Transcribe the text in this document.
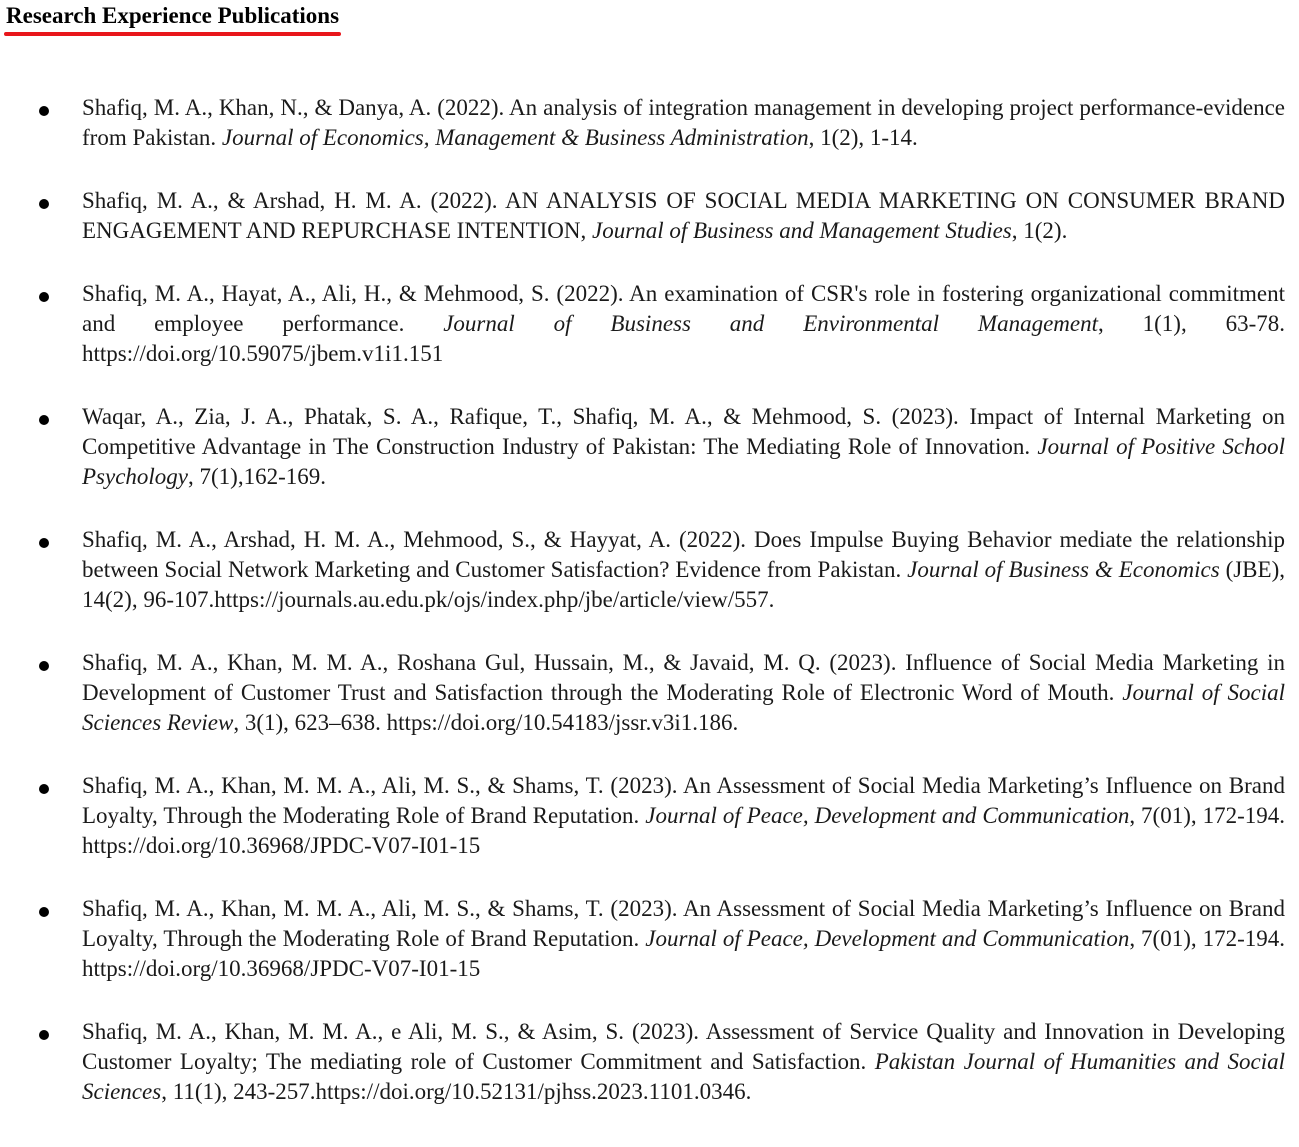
Research Experience Publications
Shafiq, M. A., Khan, N., & Danya, A. (2022). An analysis of integration management in developing project performance-evidence from Pakistan. Journal of Economics, Management & Business Administration, 1(2), 1-14.
Shafiq, M. A., & Arshad, H. M. A. (2022). AN ANALYSIS OF SOCIAL MEDIA MARKETING ON CONSUMER BRAND ENGAGEMENT AND REPURCHASE INTENTION, Journal of Business and Management Studies, 1(2).
Shafiq, M. A., Hayat, A., Ali, H., & Mehmood, S. (2022). An examination of CSR's role in fostering organizational commitment and employee performance. Journal of Business and Environmental Management, 1(1), 63-78. https://doi.org/10.59075/jbem.v1i1.151
Waqar, A., Zia, J. A., Phatak, S. A., Rafique, T., Shafiq, M. A., & Mehmood, S. (2023). Impact of Internal Marketing on Competitive Advantage in The Construction Industry of Pakistan: The Mediating Role of Innovation. Journal of Positive School Psychology, 7(1),162-169.
Shafiq, M. A., Arshad, H. M. A., Mehmood, S., & Hayyat, A. (2022). Does Impulse Buying Behavior mediate the relationship between Social Network Marketing and Customer Satisfaction? Evidence from Pakistan. Journal of Business & Economics (JBE), 14(2), 96-107.https://journals.au.edu.pk/ojs/index.php/jbe/article/view/557.
Shafiq, M. A., Khan, M. M. A., Roshana Gul, Hussain, M., & Javaid, M. Q. (2023). Influence of Social Media Marketing in Development of Customer Trust and Satisfaction through the Moderating Role of Electronic Word of Mouth. Journal of Social Sciences Review, 3(1), 623–638. https://doi.org/10.54183/jssr.v3i1.186.
Shafiq, M. A., Khan, M. M. A., Ali, M. S., & Shams, T. (2023). An Assessment of Social Media Marketing’s Influence on Brand Loyalty, Through the Moderating Role of Brand Reputation. Journal of Peace, Development and Communication, 7(01), 172-194. https://doi.org/10.36968/JPDC-V07-I01-15
Shafiq, M. A., Khan, M. M. A., Ali, M. S., & Shams, T. (2023). An Assessment of Social Media Marketing’s Influence on Brand Loyalty, Through the Moderating Role of Brand Reputation. Journal of Peace, Development and Communication, 7(01), 172-194. https://doi.org/10.36968/JPDC-V07-I01-15
Shafiq, M. A., Khan, M. M. A., e Ali, M. S., & Asim, S. (2023). Assessment of Service Quality and Innovation in Developing Customer Loyalty; The mediating role of Customer Commitment and Satisfaction. Pakistan Journal of Humanities and Social Sciences, 11(1), 243-257.https://doi.org/10.52131/pjhss.2023.1101.0346.
